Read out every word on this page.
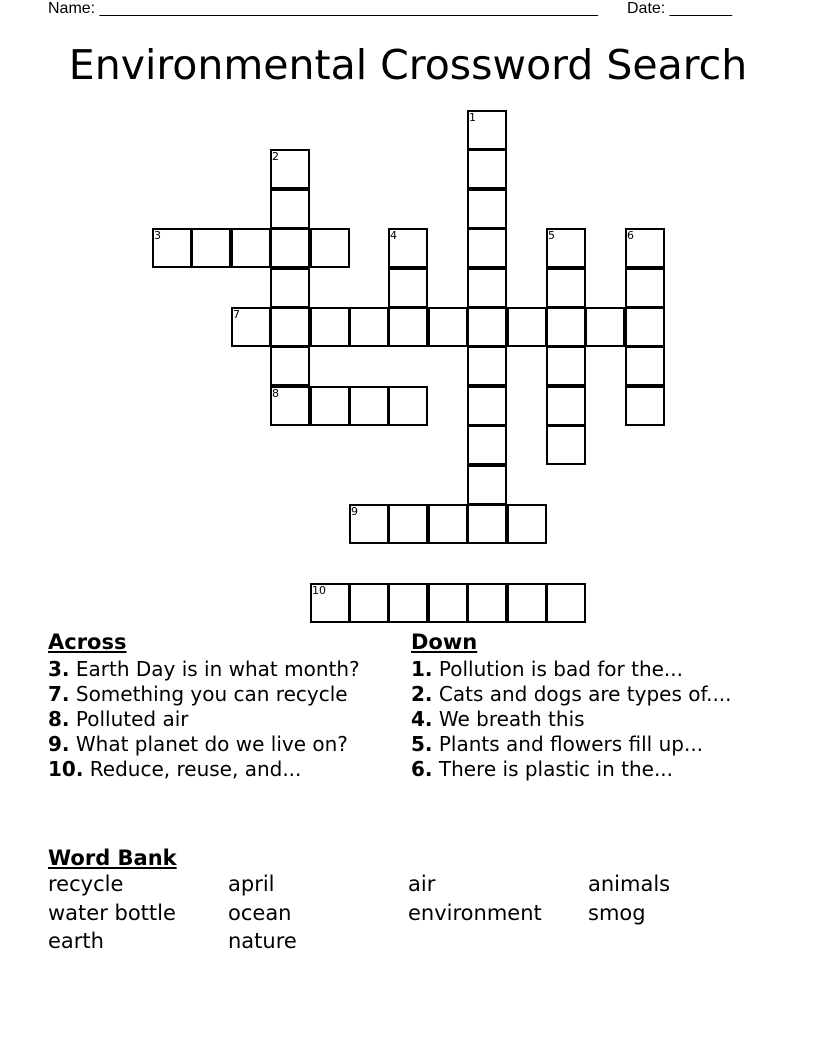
Name: ________________________________________________________ Date: _______
Environmental Crossword Search
1
2
3	4	5	6
7
8
9
10
Across
3. Earth Day is in what month?
7. Something you can recycle
8. Polluted air
9. What planet do we live on?
10. Reduce, reuse, and...
Down
1. Pollution is bad for the...
2. Cats and dogs are types of....
4. We breath this
5. Plants and flowers fill up...
6. There is plastic in the...
Word Bank
recycle	april	air	animals
water bottle	ocean	environment	smog
earth	nature
